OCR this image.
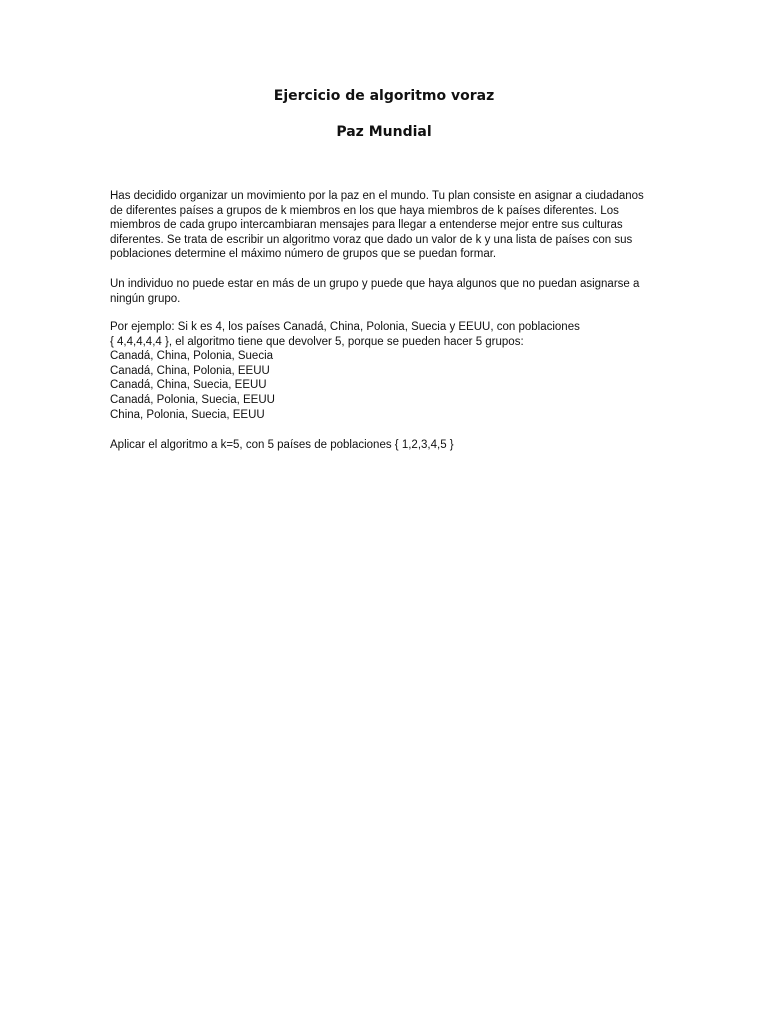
Ejercicio de algoritmo voraz
Paz Mundial

Has decidido organizar un movimiento por la paz en el mundo. Tu plan consiste en asignar a ciudadanos
de diferentes países a grupos de k miembros en los que haya miembros de k países diferentes. Los
miembros de cada grupo intercambiaran mensajes para llegar a entenderse mejor entre sus culturas
diferentes. Se trata de escribir un algoritmo voraz que dado un valor de k y una lista de países con sus
poblaciones determine el máximo número de grupos que se puedan formar.

Un individuo no puede estar en más de un grupo y puede que haya algunos que no puedan asignarse a
ningún grupo.

Por ejemplo: Si k es 4, los países Canadá, China, Polonia, Suecia y EEUU, con poblaciones
{ 4,4,4,4,4 }, el algoritmo tiene que devolver 5, porque se pueden hacer 5 grupos:
Canadá, China, Polonia, Suecia
Canadá, China, Polonia, EEUU
Canadá, China, Suecia, EEUU
Canadá, Polonia, Suecia, EEUU
China, Polonia, Suecia, EEUU

Aplicar el algoritmo a k=5, con 5 países de poblaciones { 1,2,3,4,5 }
